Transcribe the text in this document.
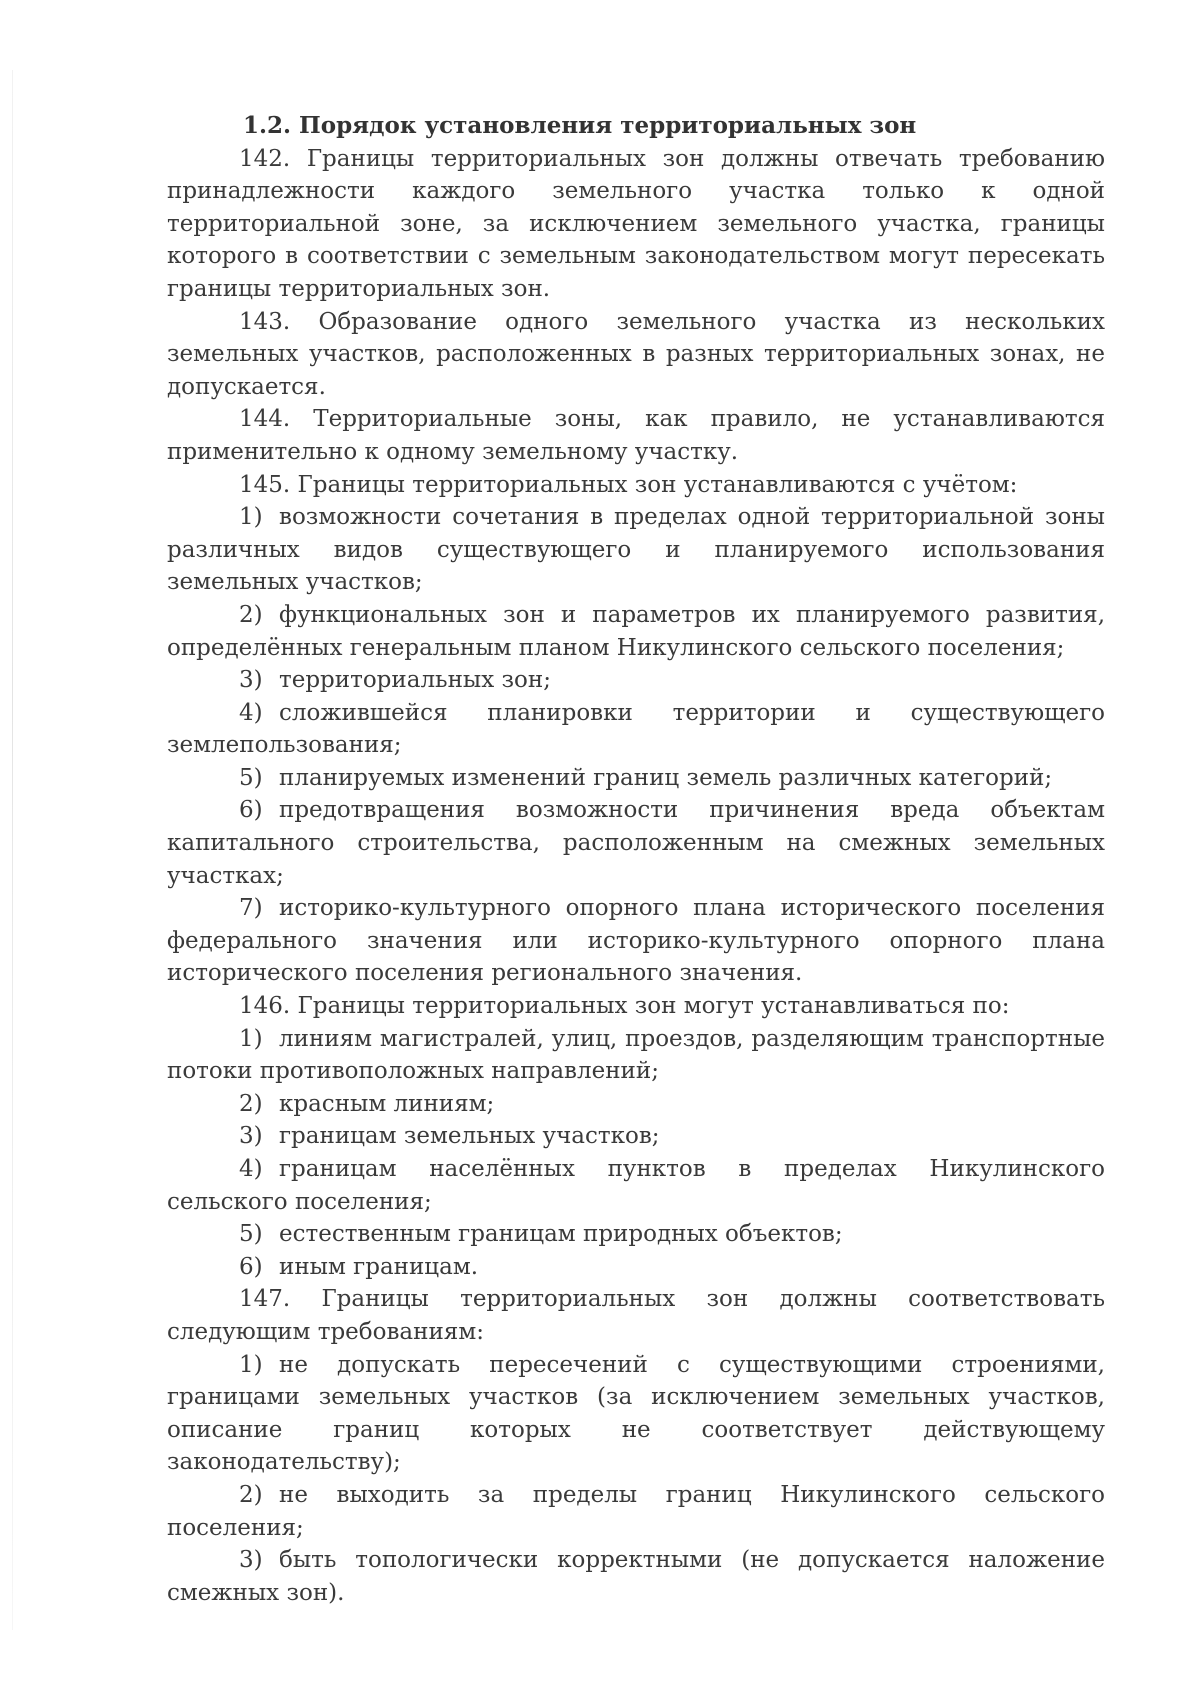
1.2. Порядок установления территориальных зон

142. Границы территориальных зон должны отвечать требованию принадлежности каждого земельного участка только к одной территориальной зоне, за исключением земельного участка, границы которого в соответствии с земельным законодательством могут пересекать границы территориальных зон.

143. Образование одного земельного участка из нескольких земельных участков, расположенных в разных территориальных зонах, не допускается.

144. Территориальные зоны, как правило, не устанавливаются применительно к одному земельному участку.

145. Границы территориальных зон устанавливаются с учётом:

1) возможности сочетания в пределах одной территориальной зоны различных видов существующего и планируемого использования земельных участков;

2) функциональных зон и параметров их планируемого развития, определённых генеральным планом Никулинского сельского поселения;

3) территориальных зон;

4) сложившейся планировки территории и существующего землепользования;

5) планируемых изменений границ земель различных категорий;

6) предотвращения возможности причинения вреда объектам капитального строительства, расположенным на смежных земельных участках;

7) историко-культурного опорного плана исторического поселения федерального значения или историко-культурного опорного плана исторического поселения регионального значения.

146. Границы территориальных зон могут устанавливаться по:

1) линиям магистралей, улиц, проездов, разделяющим транспортные потоки противоположных направлений;

2) красным линиям;

3) границам земельных участков;

4) границам населённых пунктов в пределах Никулинского сельского поселения;

5) естественным границам природных объектов;

6) иным границам.

147. Границы территориальных зон должны соответствовать следующим требованиям:

1) не допускать пересечений с существующими строениями, границами земельных участков (за исключением земельных участков, описание границ которых не соответствует действующему законодательству);

2) не выходить за пределы границ Никулинского сельского поселения;

3) быть топологически корректными (не допускается наложение смежных зон).
